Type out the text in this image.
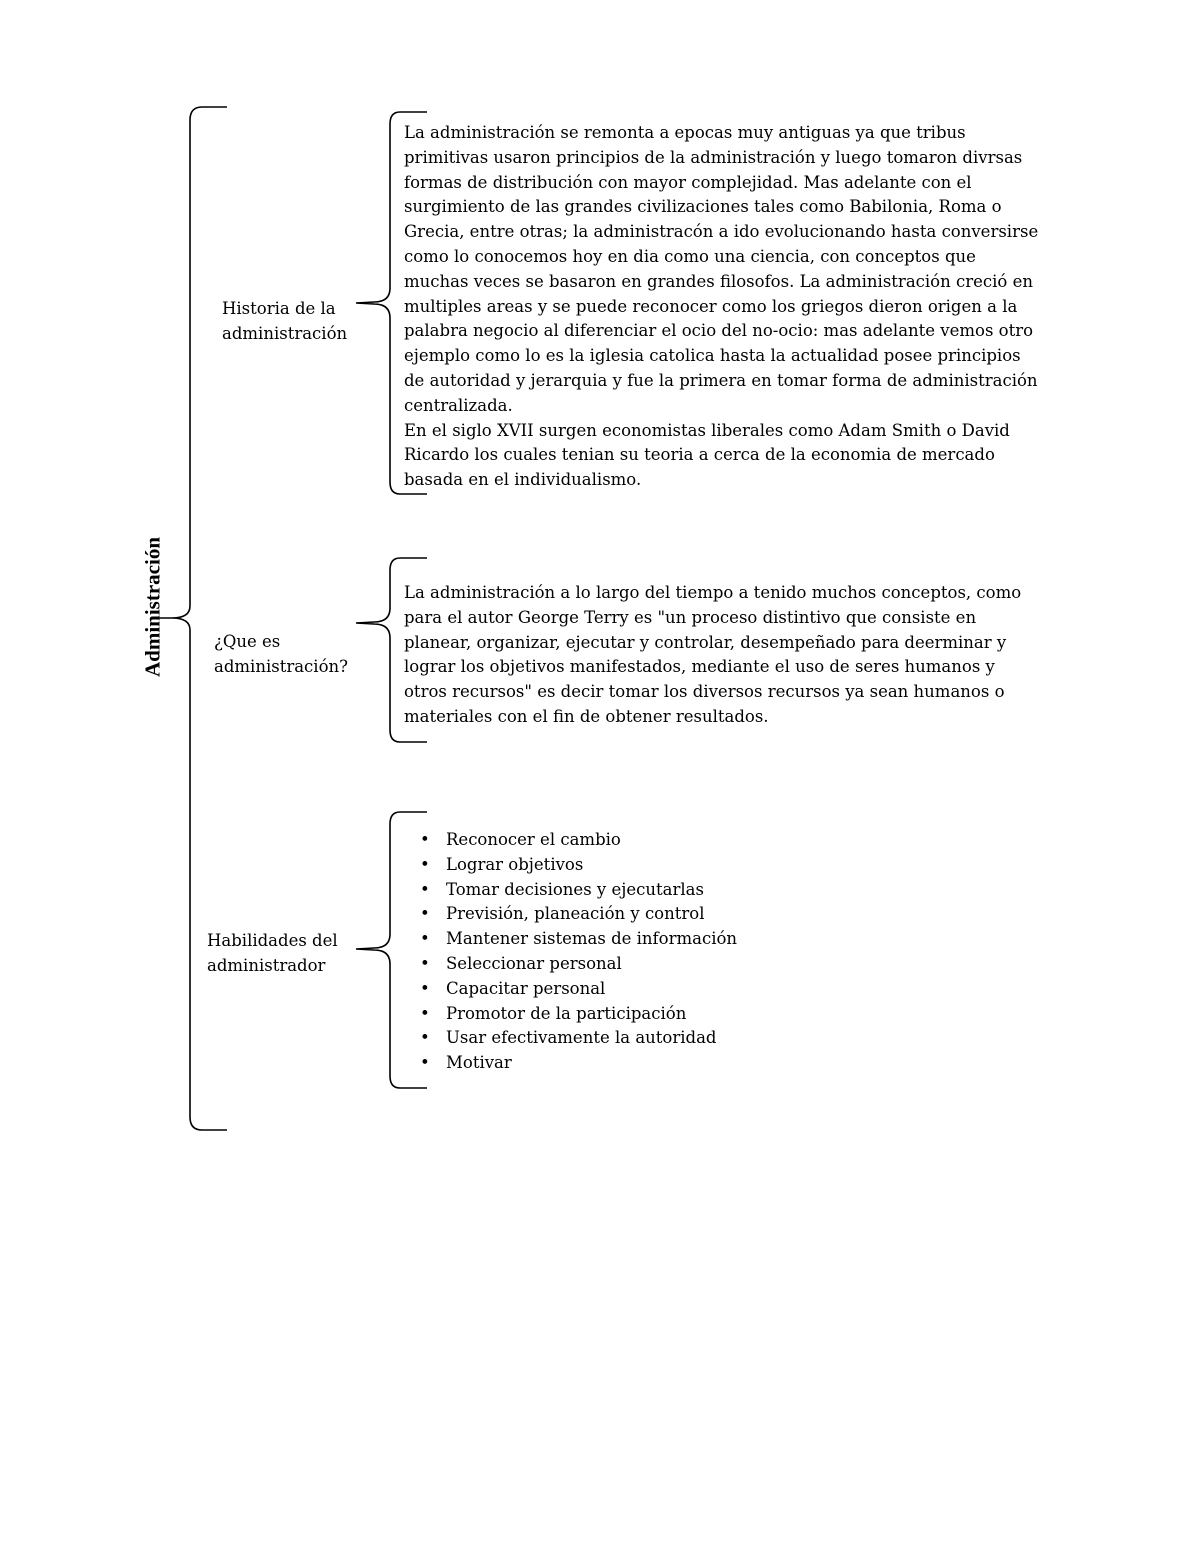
Administración
Historia de la
administración
La administración se remonta a epocas muy antiguas ya que tribus
primitivas usaron principios de la administración y luego tomaron divrsas
formas de distribución con mayor complejidad. Mas adelante con el
surgimiento de las grandes civilizaciones tales como Babilonia, Roma o
Grecia, entre otras; la administracón a ido evolucionando hasta conversirse
como lo conocemos hoy en dia como una ciencia, con conceptos que
muchas veces se basaron en grandes filosofos. La administración creció en
multiples areas y se puede reconocer como los griegos dieron origen a la
palabra negocio al diferenciar el ocio del no-ocio: mas adelante vemos otro
ejemplo como lo es la iglesia catolica hasta la actualidad posee principios
de autoridad y jerarquia y fue la primera en tomar forma de administración
centralizada.
En el siglo XVII surgen economistas liberales como Adam Smith o David
Ricardo los cuales tenian su teoria a cerca de la economia de mercado
basada en el individualismo.
¿Que es
administración?
La administración a lo largo del tiempo a tenido muchos conceptos, como
para el autor George Terry es "un proceso distintivo que consiste en
planear, organizar, ejecutar y controlar, desempeñado para deerminar y
lograr los objetivos manifestados, mediante el uso de seres humanos y
otros recursos" es decir tomar los diversos recursos ya sean humanos o
materiales con el fin de obtener resultados.
Habilidades del
administrador
• Reconocer el cambio
• Lograr objetivos
• Tomar decisiones y ejecutarlas
• Previsión, planeación y control
• Mantener sistemas de información
• Seleccionar personal
• Capacitar personal
• Promotor de la participación
• Usar efectivamente la autoridad
• Motivar
